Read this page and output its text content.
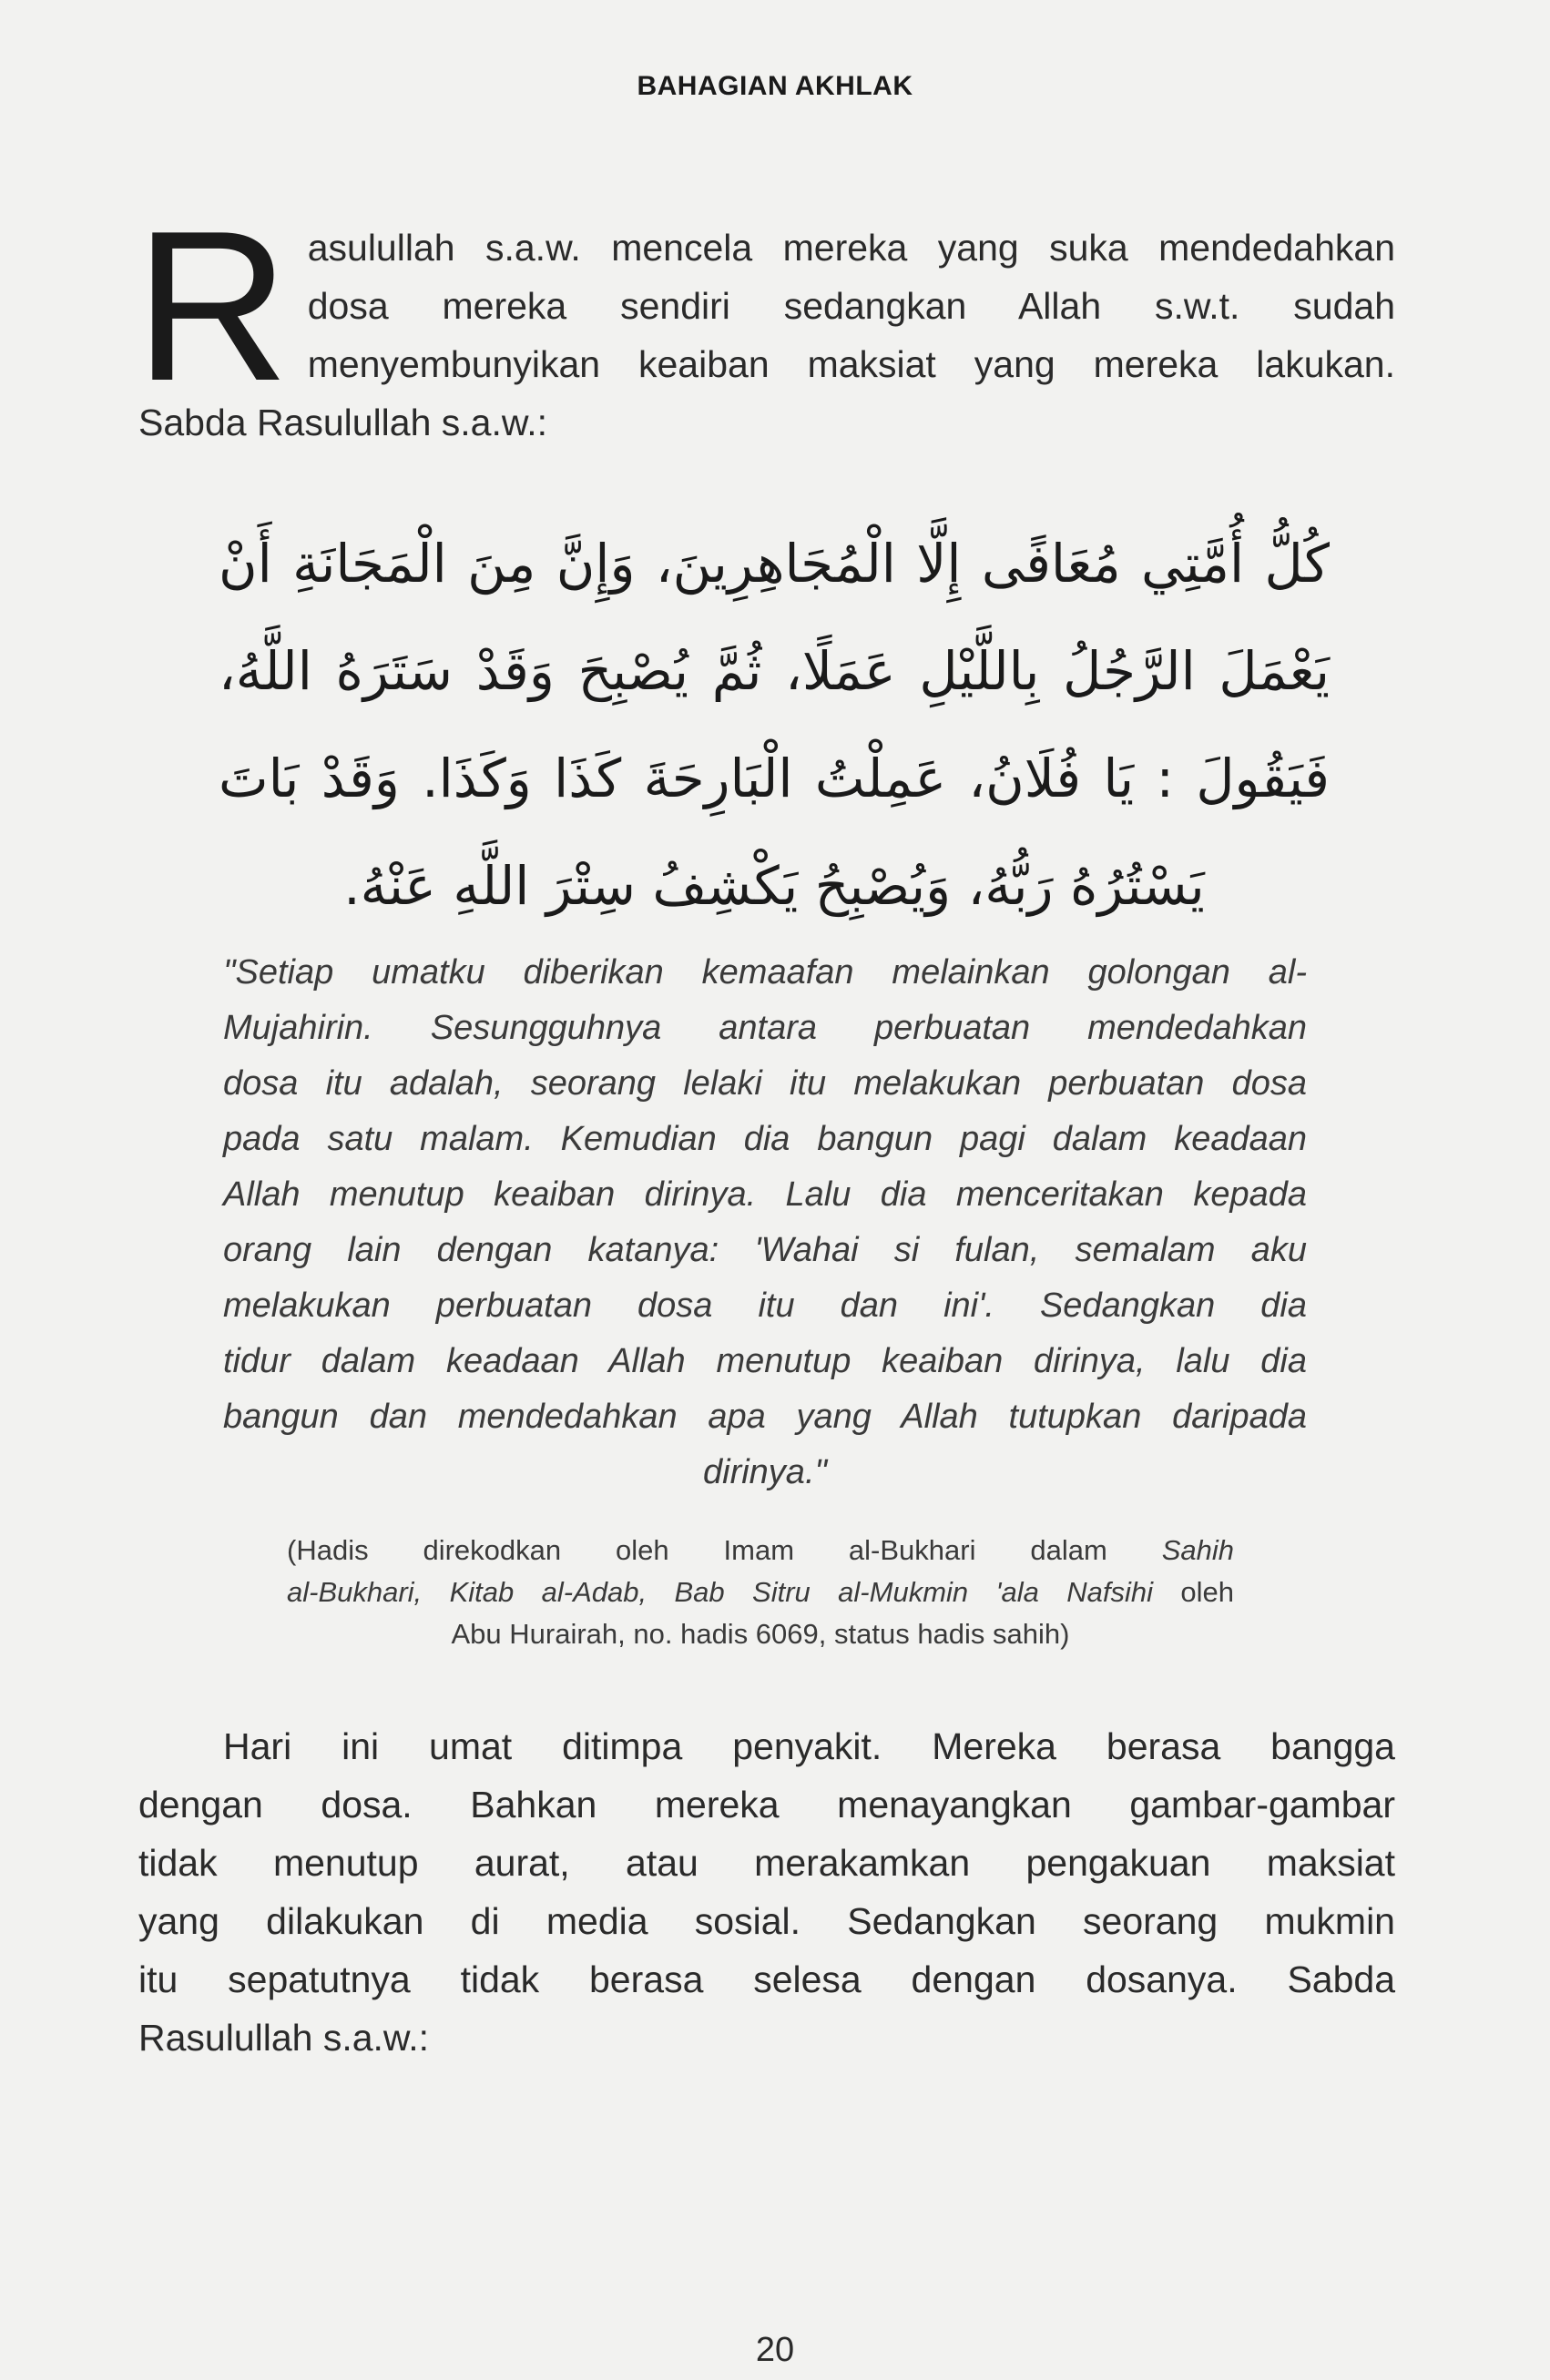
BAHAGIAN AKHLAK
R asulullah s.a.w. mencela mereka yang suka mendedahkan
dosa mereka sendiri sedangkan Allah s.w.t. sudah
menyembunyikan keaiban maksiat yang mereka lakukan.
Sabda Rasulullah s.a.w.:
كُلُّ أُمَّتِي مُعَافًى إِلَّا الْمُجَاهِرِينَ، وَإِنَّ مِنَ الْمَجَانَةِ أَنْ
يَعْمَلَ الرَّجُلُ بِاللَّيْلِ عَمَلًا، ثُمَّ يُصْبِحَ وَقَدْ سَتَرَهُ اللَّهُ،
فَيَقُولَ : يَا فُلَانُ، عَمِلْتُ الْبَارِحَةَ كَذَا وَكَذَا. وَقَدْ بَاتَ
يَسْتُرُهُ رَبُّهُ، وَيُصْبِحُ يَكْشِفُ سِتْرَ اللَّهِ عَنْهُ.
"Setiap umatku diberikan kemaafan melainkan golongan al-
Mujahirin. Sesungguhnya antara perbuatan mendedahkan
dosa itu adalah, seorang lelaki itu melakukan perbuatan dosa
pada satu malam. Kemudian dia bangun pagi dalam keadaan
Allah menutup keaiban dirinya. Lalu dia menceritakan kepada
orang lain dengan katanya: 'Wahai si fulan, semalam aku
melakukan perbuatan dosa itu dan ini'. Sedangkan dia
tidur dalam keadaan Allah menutup keaiban dirinya, lalu dia
bangun dan mendedahkan apa yang Allah tutupkan daripada
dirinya."
(Hadis direkodkan oleh Imam al-Bukhari dalam Sahih
al-Bukhari, Kitab al-Adab, Bab Sitru al-Mukmin 'ala Nafsihi oleh
Abu Hurairah, no. hadis 6069, status hadis sahih)
Hari ini umat ditimpa penyakit. Mereka berasa bangga
dengan dosa. Bahkan mereka menayangkan gambar-gambar
tidak menutup aurat, atau merakamkan pengakuan maksiat
yang dilakukan di media sosial. Sedangkan seorang mukmin
itu sepatutnya tidak berasa selesa dengan dosanya. Sabda
Rasulullah s.a.w.:
20
